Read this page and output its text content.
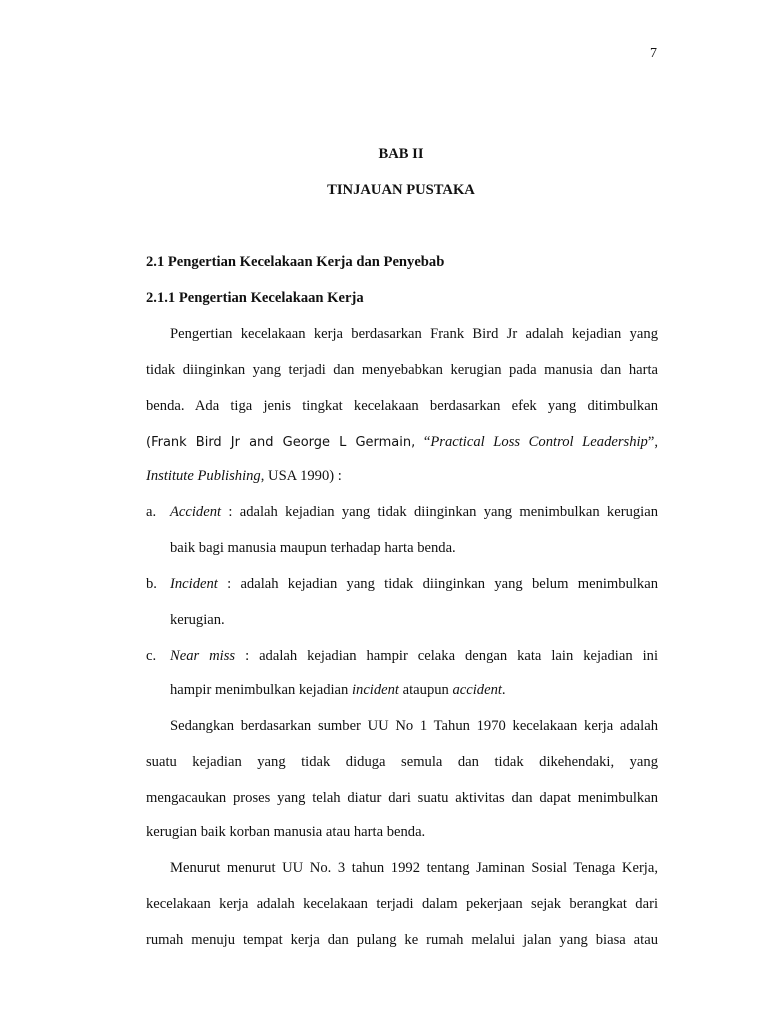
7
BAB II
TINJAUAN PUSTAKA
2.1 Pengertian Kecelakaan Kerja dan Penyebab
2.1.1 Pengertian Kecelakaan Kerja
Pengertian kecelakaan kerja berdasarkan Frank Bird Jr adalah kejadian yang
tidak diinginkan yang terjadi dan menyebabkan kerugian pada manusia dan harta
benda. Ada tiga jenis tingkat kecelakaan berdasarkan efek yang ditimbulkan
(Frank Bird Jr and George L Germain, “Practical Loss Control Leadership”,
Institute Publishing, USA 1990) :
a. Accident : adalah kejadian yang tidak diinginkan yang menimbulkan kerugian
baik bagi manusia maupun terhadap harta benda.
b. Incident : adalah kejadian yang tidak diinginkan yang belum menimbulkan
kerugian.
c. Near miss : adalah kejadian hampir celaka dengan kata lain kejadian ini
hampir menimbulkan kejadian incident ataupun accident.
Sedangkan berdasarkan sumber UU No 1 Tahun 1970 kecelakaan kerja adalah
suatu kejadian yang tidak diduga semula dan tidak dikehendaki, yang
mengacaukan proses yang telah diatur dari suatu aktivitas dan dapat menimbulkan
kerugian baik korban manusia atau harta benda.
Menurut menurut UU No. 3 tahun 1992 tentang Jaminan Sosial Tenaga Kerja,
kecelakaan kerja adalah kecelakaan terjadi dalam pekerjaan sejak berangkat dari
rumah menuju tempat kerja dan pulang ke rumah melalui jalan yang biasa atau
